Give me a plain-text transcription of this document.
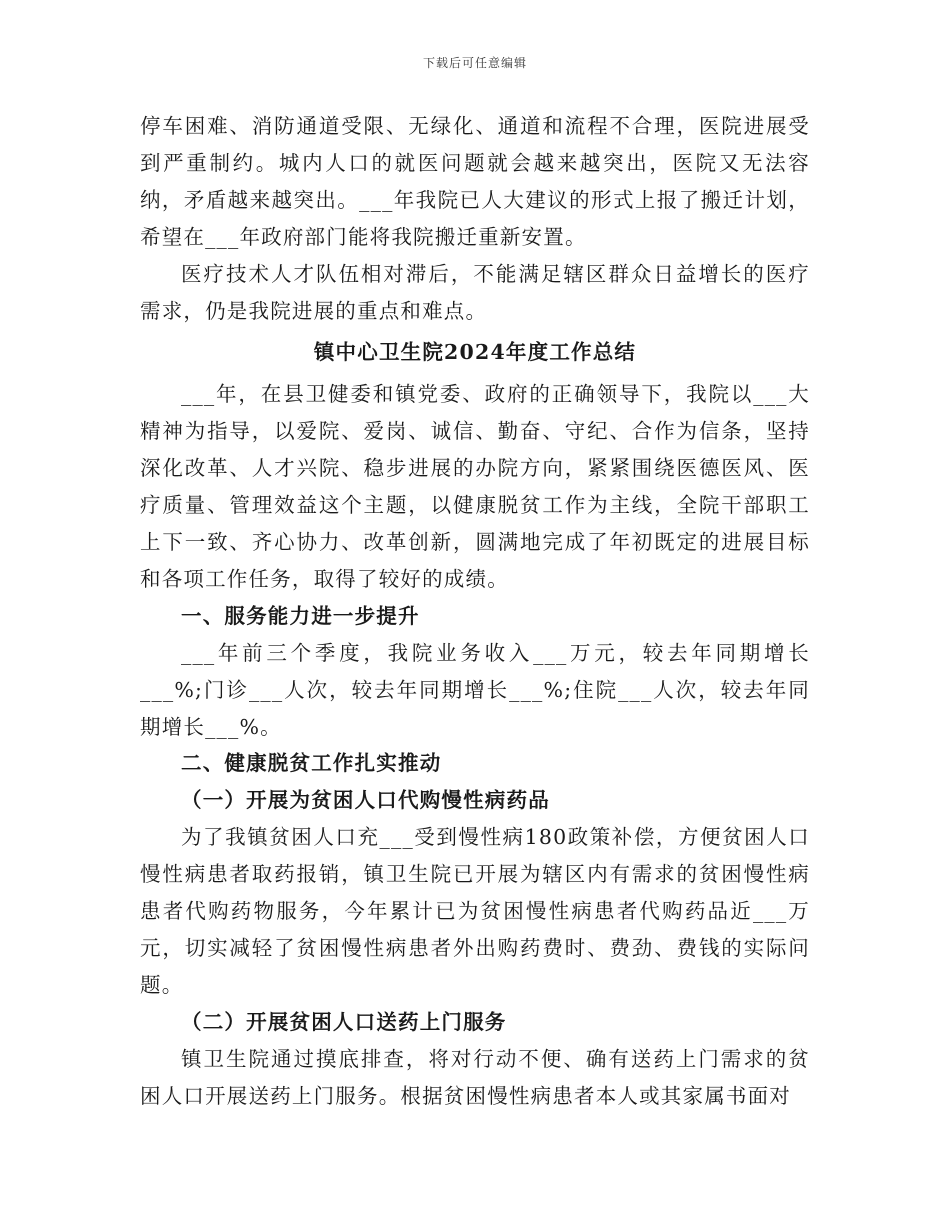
下载后可任意编辑

停车困难、消防通道受限、无绿化、通道和流程不合理，医院进展受到严重制约。城内人口的就医问题就会越来越突出，医院又无法容纳，矛盾越来越突出。___年我院已人大建议的形式上报了搬迁计划，希望在___年政府部门能将我院搬迁重新安置。

医疗技术人才队伍相对滞后，不能满足辖区群众日益增长的医疗需求，仍是我院进展的重点和难点。

镇中心卫生院2024年度工作总结

___年，在县卫健委和镇党委、政府的正确领导下，我院以___大精神为指导，以爱院、爱岗、诚信、勤奋、守纪、合作为信条，坚持深化改革、人才兴院、稳步进展的办院方向，紧紧围绕医德医风、医疗质量、管理效益这个主题，以健康脱贫工作为主线，全院干部职工上下一致、齐心协力、改革创新，圆满地完成了年初既定的进展目标和各项工作任务，取得了较好的成绩。

一、服务能力进一步提升

___年前三个季度，我院业务收入___万元，较去年同期增长___%;门诊___人次，较去年同期增长___%;住院___人次，较去年同期增长___%。

二、健康脱贫工作扎实推动

（一）开展为贫困人口代购慢性病药品

为了我镇贫困人口充___受到慢性病180政策补偿，方便贫困人口慢性病患者取药报销，镇卫生院已开展为辖区内有需求的贫困慢性病患者代购药物服务，今年累计已为贫困慢性病患者代购药品近___万元，切实减轻了贫困慢性病患者外出购药费时、费劲、费钱的实际问题。

（二）开展贫困人口送药上门服务

镇卫生院通过摸底排查，将对行动不便、确有送药上门需求的贫困人口开展送药上门服务。根据贫困慢性病患者本人或其家属书面对
